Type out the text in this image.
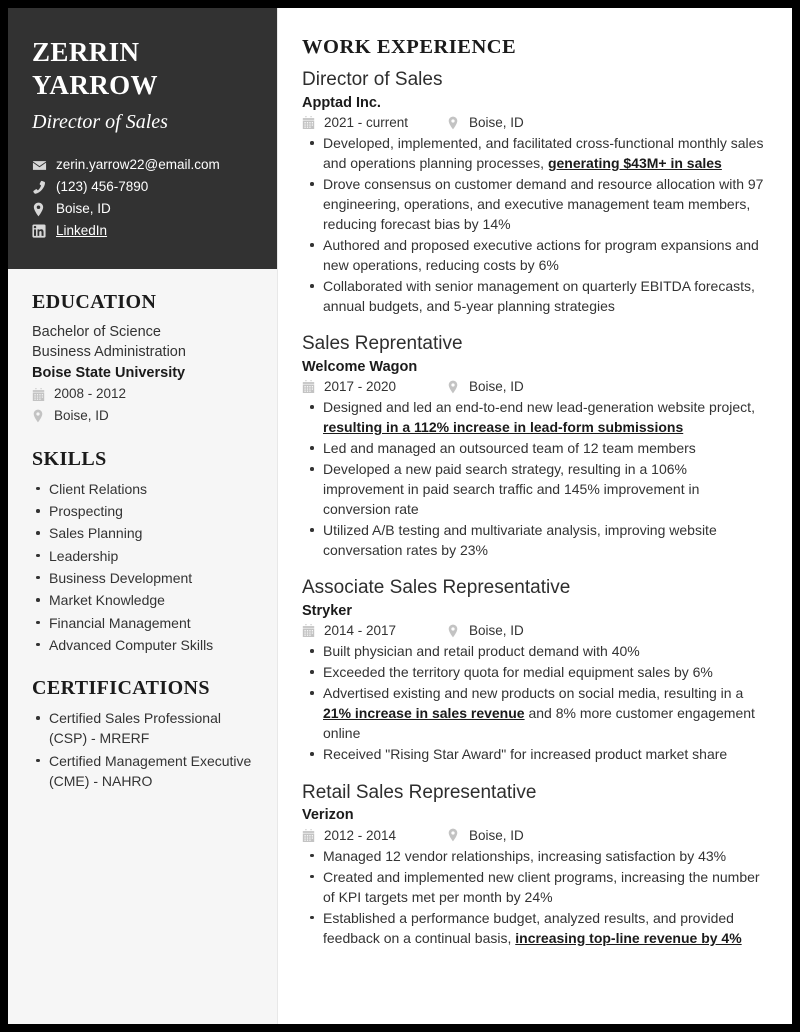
ZERRIN
YARROW
Director of Sales
zerin.yarrow22@email.com
(123) 456-7890
Boise, ID
LinkedIn
EDUCATION
Bachelor of Science
Business Administration
Boise State University
2008 - 2012
Boise, ID
SKILLS
Client Relations
Prospecting
Sales Planning
Leadership
Business Development
Market Knowledge
Financial Management
Advanced Computer Skills
CERTIFICATIONS
Certified Sales Professional (CSP) - MRERF
Certified Management Executive (CME) - NAHRO
WORK EXPERIENCE
Director of Sales
Apptad Inc.
2021 - current	Boise, ID
Developed, implemented, and facilitated cross-functional monthly sales and operations planning processes, generating $43M+ in sales
Drove consensus on customer demand and resource allocation with 97 engineering, operations, and executive management team members, reducing forecast bias by 14%
Authored and proposed executive actions for program expansions and new operations, reducing costs by 6%
Collaborated with senior management on quarterly EBITDA forecasts, annual budgets, and 5-year planning strategies
Sales Reprentative
Welcome Wagon
2017 - 2020	Boise, ID
Designed and led an end-to-end new lead-generation website project, resulting in a 112% increase in lead-form submissions
Led and managed an outsourced team of 12 team members
Developed a new paid search strategy, resulting in a 106% improvement in paid search traffic and 145% improvement in conversion rate
Utilized A/B testing and multivariate analysis, improving website conversation rates by 23%
Associate Sales Representative
Stryker
2014 - 2017	Boise, ID
Built physician and retail product demand with 40%
Exceeded the territory quota for medial equipment sales by 6%
Advertised existing and new products on social media, resulting in a 21% increase in sales revenue and 8% more customer engagement online
Received "Rising Star Award" for increased product market share
Retail Sales Representative
Verizon
2012 - 2014	Boise, ID
Managed 12 vendor relationships, increasing satisfaction by 43%
Created and implemented new client programs, increasing the number of KPI targets met per month by 24%
Established a performance budget, analyzed results, and provided feedback on a continual basis, increasing top-line revenue by 4%
